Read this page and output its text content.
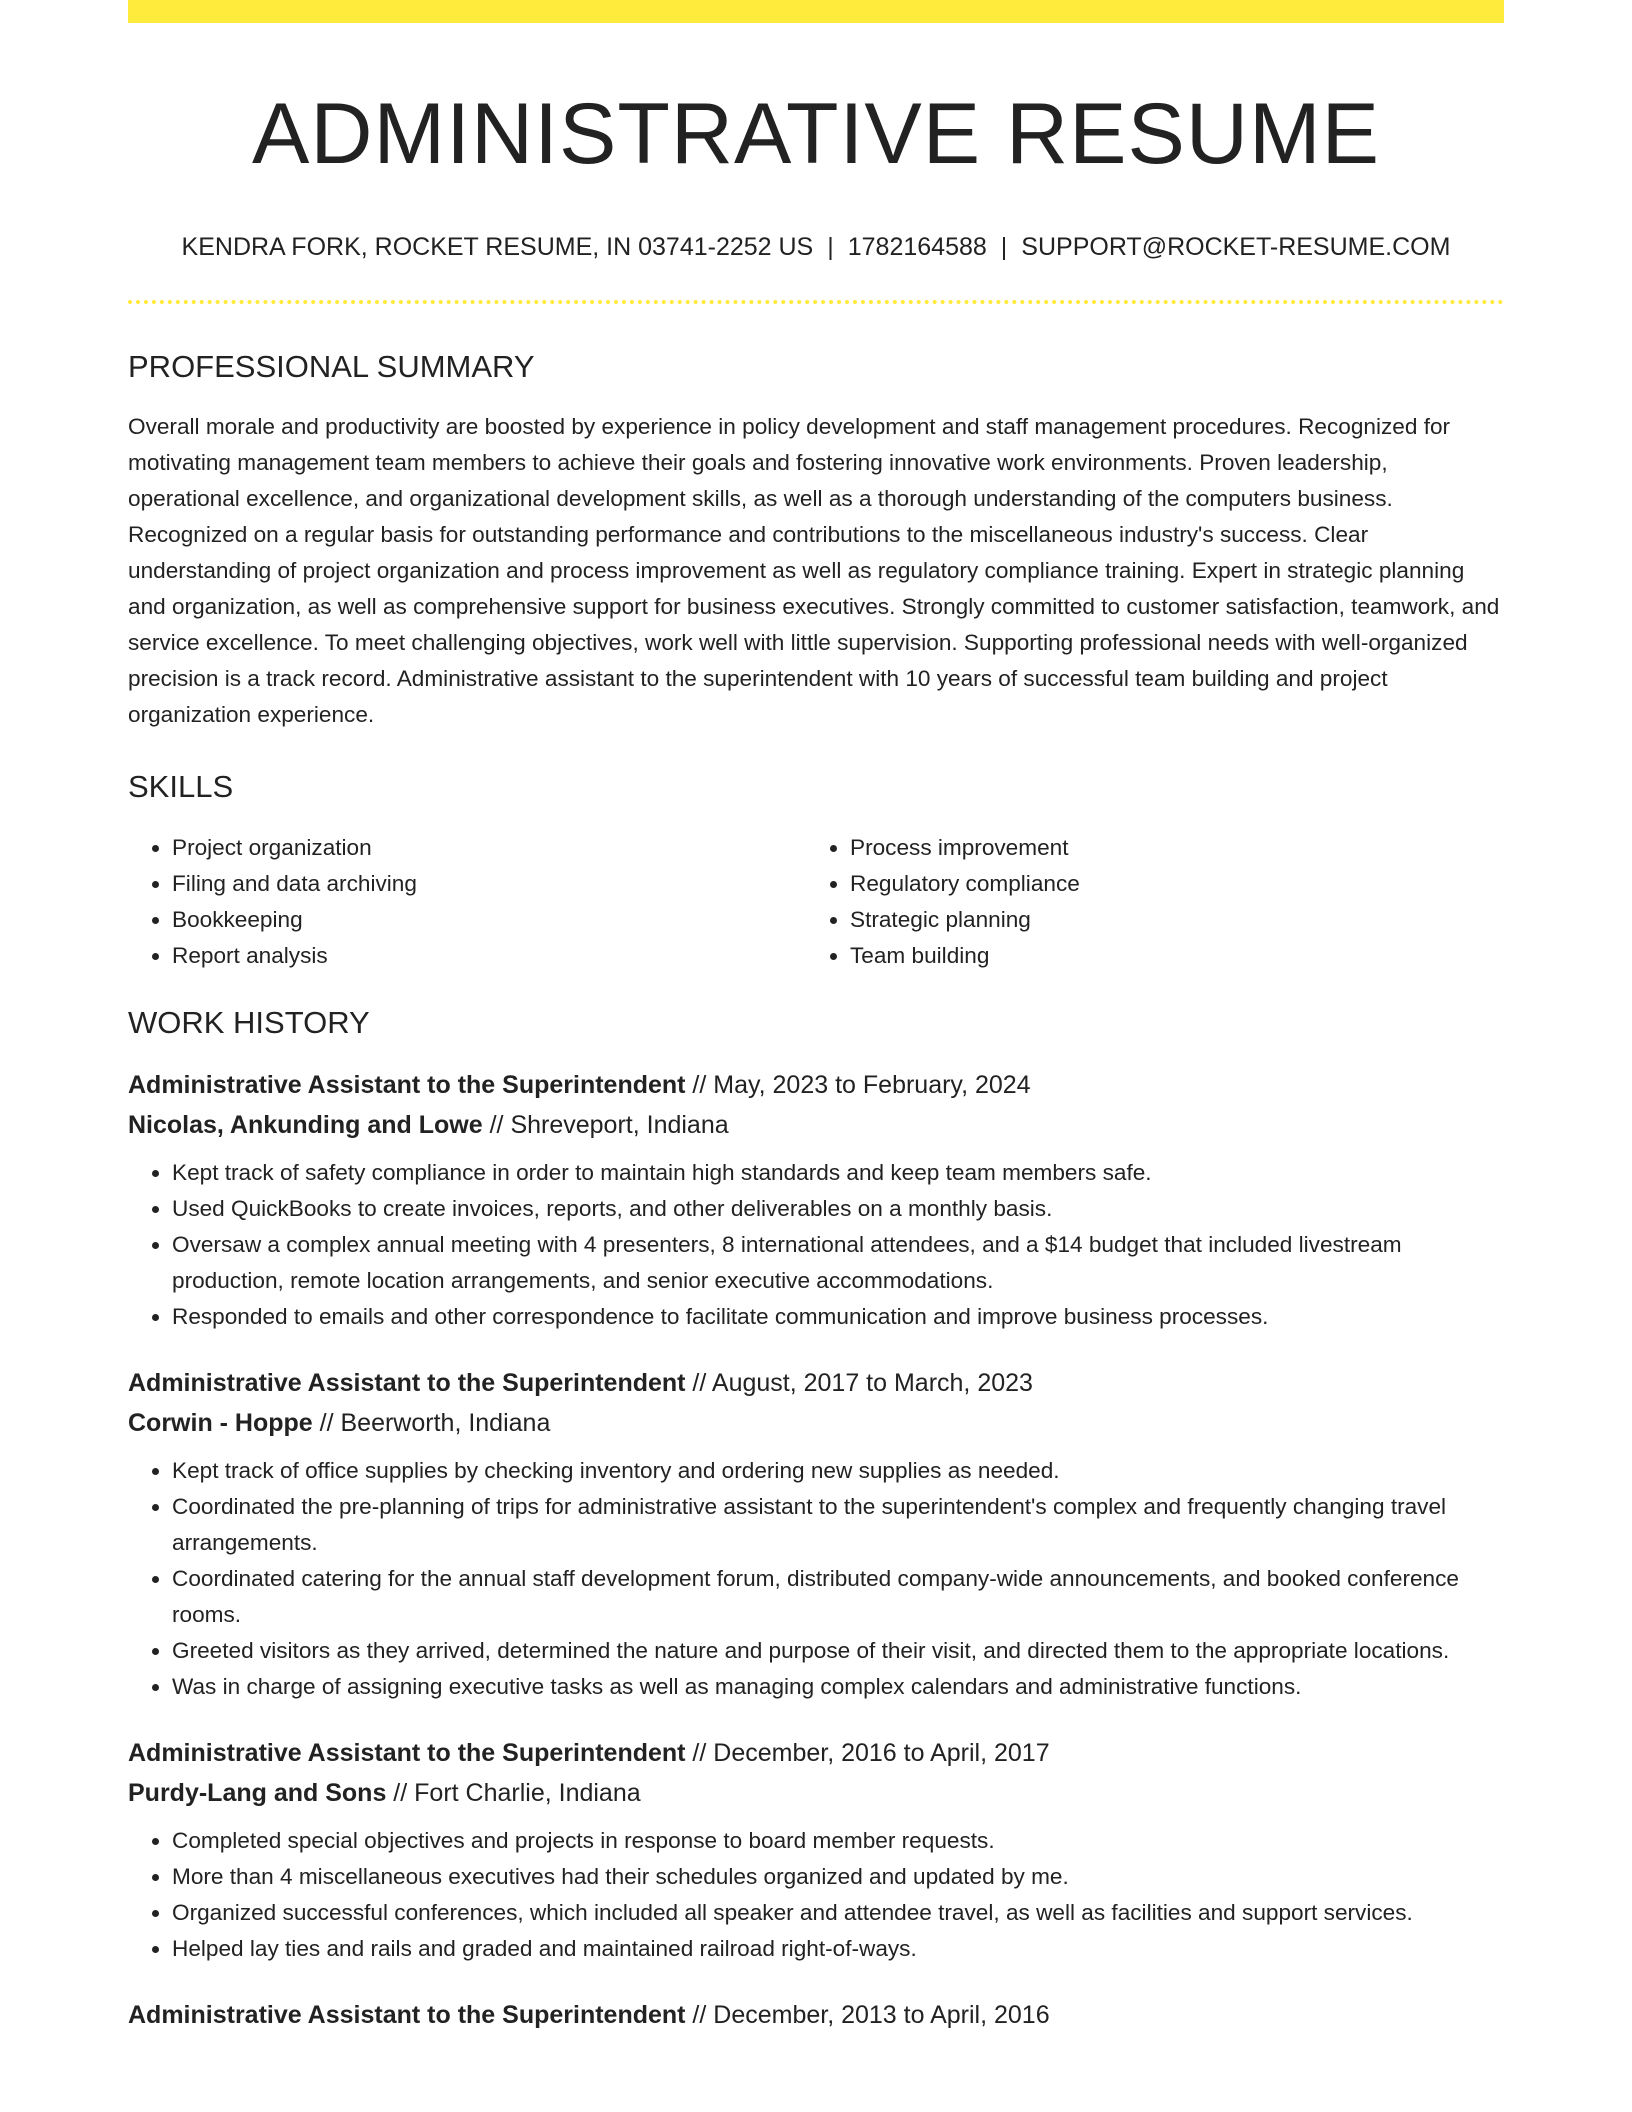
ADMINISTRATIVE RESUME
KENDRA FORK, ROCKET RESUME, IN 03741-2252 US | 1782164588 | SUPPORT@ROCKET-RESUME.COM
PROFESSIONAL SUMMARY
Overall morale and productivity are boosted by experience in policy development and staff management procedures. Recognized for motivating management team members to achieve their goals and fostering innovative work environments. Proven leadership, operational excellence, and organizational development skills, as well as a thorough understanding of the computers business. Recognized on a regular basis for outstanding performance and contributions to the miscellaneous industry's success. Clear understanding of project organization and process improvement as well as regulatory compliance training. Expert in strategic planning and organization, as well as comprehensive support for business executives. Strongly committed to customer satisfaction, teamwork, and service excellence. To meet challenging objectives, work well with little supervision. Supporting professional needs with well-organized precision is a track record. Administrative assistant to the superintendent with 10 years of successful team building and project organization experience.
SKILLS
• Project organization
• Filing and data archiving
• Bookkeeping
• Report analysis
• Process improvement
• Regulatory compliance
• Strategic planning
• Team building
WORK HISTORY
Administrative Assistant to the Superintendent // May, 2023 to February, 2024
Nicolas, Ankunding and Lowe // Shreveport, Indiana
• Kept track of safety compliance in order to maintain high standards and keep team members safe.
• Used QuickBooks to create invoices, reports, and other deliverables on a monthly basis.
• Oversaw a complex annual meeting with 4 presenters, 8 international attendees, and a $14 budget that included livestream production, remote location arrangements, and senior executive accommodations.
• Responded to emails and other correspondence to facilitate communication and improve business processes.
Administrative Assistant to the Superintendent // August, 2017 to March, 2023
Corwin - Hoppe // Beerworth, Indiana
• Kept track of office supplies by checking inventory and ordering new supplies as needed.
• Coordinated the pre-planning of trips for administrative assistant to the superintendent's complex and frequently changing travel arrangements.
• Coordinated catering for the annual staff development forum, distributed company-wide announcements, and booked conference rooms.
• Greeted visitors as they arrived, determined the nature and purpose of their visit, and directed them to the appropriate locations.
• Was in charge of assigning executive tasks as well as managing complex calendars and administrative functions.
Administrative Assistant to the Superintendent // December, 2016 to April, 2017
Purdy-Lang and Sons // Fort Charlie, Indiana
• Completed special objectives and projects in response to board member requests.
• More than 4 miscellaneous executives had their schedules organized and updated by me.
• Organized successful conferences, which included all speaker and attendee travel, as well as facilities and support services.
• Helped lay ties and rails and graded and maintained railroad right-of-ways.
Administrative Assistant to the Superintendent // December, 2013 to April, 2016
